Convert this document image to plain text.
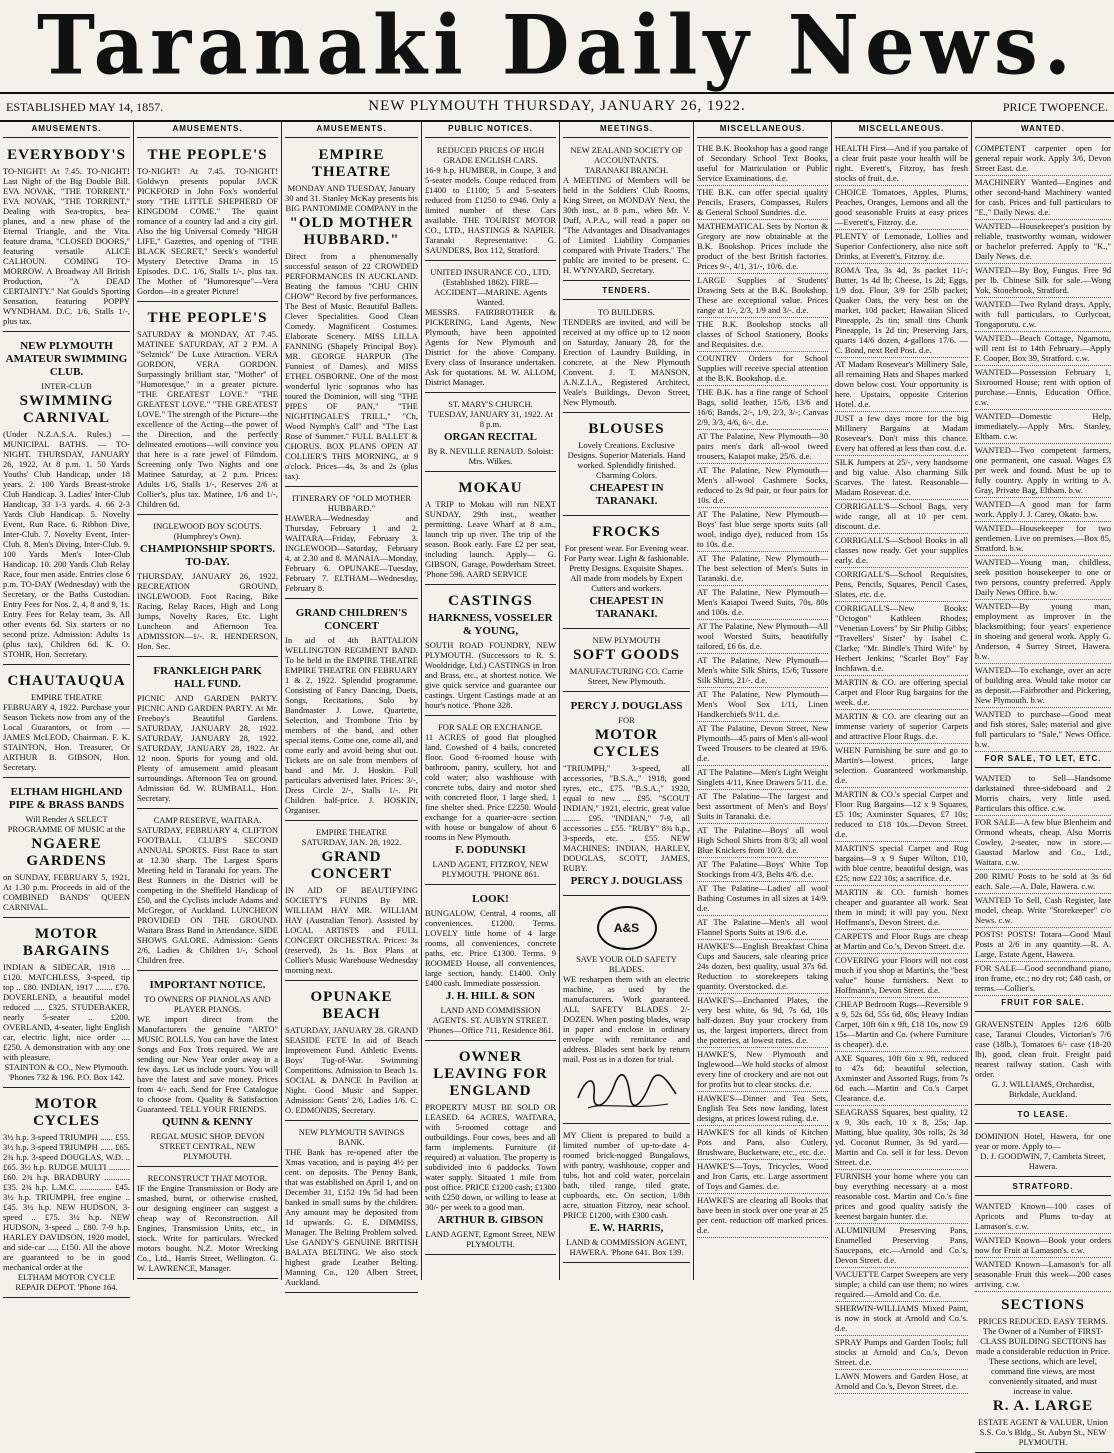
Taranaki Daily News.
ESTABLISHED MAY 14, 1857.	NEW PLYMOUTH THURSDAY, JANUARY 26, 1922.	PRICE TWOPENCE.
AMUSEMENTS.
EVERYBODY'S
TO-NIGHT! At 7.45. TO-NIGHT! Last Night of the Big Double Bill. EVA NOVAK, "THE TORRENT." EVA NOVAK, "THE TORRENT." Dealing with Sea-tropics, bea-planes, and a new phase of the Eternal Triangle, and the Vita. feature drama, "CLOSED DOORS," featuring versatile ALICE CALHOUN. COMING TO-MORROW. A Broadway All British Production, "A DEAD CERTAINTY." Nat Gould's Sporting Sensation, featuring POPPY WYNDHAM. D.C. 1/6, Stalls 1/-, plus tax.
NEW PLYMOUTH AMATEUR SWIMMING CLUB.
INTER-CLUB
SWIMMING CARNIVAL
(Under N.Z.A.S.A. Rules.) — MUNICIPAL BATHS. — TO-NIGHT. THURSDAY, JANUARY 26, 1922, At 8 p.m. 1. 50 Yards Youths' Club Handicap, under 18 years. 2. 100 Yards Breast-stroke Club Handicap. 3. Ladies' Inter-Club Handicap, 33 1-3 yards. 4. 66 2-3 Yards Club Handicap. 5. Novelty Event, Run Race. 6. Ribbon Dive, Inter-Club. 7. Novelty Event, Inter-Club. 8. Men's Diving, Inter-Club. 9. 100 Yards Men's Inter-Club Handicap. 10. 200 Yards Club Relay Race, four men aside. Entries close 6 p.m. TO-DAY (Wednesday) with the Secretary, or the Baths Custodian. Entry Fees for Nos. 2, 4, 8 and 9, 1s. Entry Fees for Relay team, 3s. All other events 6d. Six starters or no second prize. Admission: Adults 1s (plus tax), Children 6d. K. O. STOHR, Hon. Secretary.
CHAUTAUQUA
EMPIRE THEATRE
FEBRUARY 4, 1922. Purchase your Season Tickets now from any of the Local Guarantors, or from — JAMES McLEOD, Chairman. F. K. STAINTON, Hon. Treasurer, Or ARTHUR B. GIBSON, Hon. Secretary.
ELTHAM HIGHLAND PIPE & BRASS BANDS
Will Render A SELECT PROGRAMME OF MUSIC at the
NGAERE GARDENS
on SUNDAY, FEBRUARY 5, 1921, At 1.30 p.m. Proceeds in aid of the COMBINED BANDS' QUEEN CARNIVAL.
MOTOR BARGAINS
INDIAN & SIDECAR, 1918 .... £120. MATCHLESS, 3-speed, tip top .. £80. INDIAN, 1917 ........ £70. DOVERLEND, a beautiful model reduced ..... £325. STUDEBAKER, nearly 5-seater .. £200. OVERLAND, 4-seater, light English car, electric light, nice order .... £250. A demonstration with any one with pleasure.
STAINTON & CO., New Plymouth. 'Phones 732 & 196. P.O. Box 142.
MOTOR CYCLES
3½ h.p. 3-speed TRIUMPH ...... £55. 3½ h.p. 3-speed TRIUMPH ...... £65. 2¾ h.p. 3-speed DOUGLAS, W.D. .. £65. 3½ h.p. RUDGE MULTI .......... £60. 2¾ h.p. BRADBURY ............ £35. 2¾ h.p. L.M.C. ............... £45. 3½ h.p. TRIUMPH, free engine .. £45. 3½ h.p. NEW HUDSON, 3-speed .. £75. 3½ h.p. NEW HUDSON, 3-speed .. £80. 7-9 h.p. HARLEY DAVIDSON, 1920 model, and side-car ..... £150. All the above are guaranteed to be in good mechanical order at the
ELTHAM MOTOR CYCLE REPAIR DEPOT. 'Phone 164.
AMUSEMENTS.
THE PEOPLE'S
TO-NIGHT! At 7.45. TO-NIGHT! Goldwyn presents popular JACK PICKFORD in John Fox's wonderful story "THE LITTLE SHEPHERD OF KINGDOM COME." The quaint romance of a country lad and a city girl. Also the big Universal Comedy "HIGH LIFE," Gazettes, and opening of "THE BLACK SECRET," Seeck's wonderful Mystery Detective Drama in 15 Episodes. D.C. 1/6, Stalls 1/-, plus tax. The Mother of "Humoresque"—Vera Gordon—in a greater Picture!
THE PEOPLE'S
SATURDAY & MONDAY, AT 7.45. MATINEE SATURDAY, AT 2 P.M. A "Selznick" De Luxe Attraction. VERA GORDON, VERA GORDON. Surpassingly brilliant star, "Mother" of "Humoresque," in a greater picture. "THE GREATEST LOVE." "THE GREATEST LOVE." "THE GREATEST LOVE." The strength of the Picture—the excellence of the Acting—the power of the Direction, and the perfectly delineated emotions—will convince you that here is a rare jewel of Filmdom. Screening only Two Nights and one Matinee Saturday, at 2 p.m. Prices: Adults 1/6, Stalls 1/-, Reserves 2/6 at Collier's, plus tax. Matinee, 1/6 and 1/-, Children 6d.
INGLEWOOD BOY SCOUTS. (Humphrey's Own).
CHAMPIONSHIP SPORTS. TO-DAY.
THURSDAY, JANUARY 26, 1922. RECREATION GROUND, INGLEWOOD. Foot Racing, Bike Racing, Relay Races, High and Long Jumps, Novelty Races, Etc. Light Luncheon and Afternoon Tea. ADMISSION—1/-. R. HENDERSON, Hon. Sec.
FRANKLEIGH PARK HALL FUND.
PICNIC AND GARDEN PARTY. PICNIC AND GARDEN PARTY. At Mr. Freeboy's Beautiful Gardens. SATURDAY, JANUARY 28, 1922. SATURDAY, JANUARY 28, 1922. SATURDAY, JANUARY 28, 1922. At 12 noon. Sports for young and old. Plenty of amusement amid pleasant surroundings. Afternoon Tea on ground. Admission 6d. W. RUMBALL, Hon. Secretary.
CAMP RESERVE, WAITARA.
SATURDAY, FEBRUARY 4. CLIFTON FOOTBALL CLUB'S SECOND ANNUAL SPORTS. First Race to start at 12.30 sharp. The Largest Sports Meeting held in Taranaki for years. The Best Runners in the District will be competing in the Sheffield Handicap of £50, and the Cyclists include Adams and McGregor, of Auckland. LUNCHEON PROVIDED ON THE GROUND. Waitara Brass Band in Attendance. SIDE SHOWS GALORE. Admission: Gents 2/6, Ladies & Children 1/-, School Children free.
IMPORTANT NOTICE.
TO OWNERS OF PIANOLAS AND PLAYER PIANOS.
WE import direct from the Manufacturers the genuine "ARTO" MUSIC ROLLS. You can have the latest Songs and Fox Trots required. We are sending our New Year order away in a few days. Let us include yours. You will have the latest and save money. Prices from 4/- each. Send for Free Catalogue to choose from. Quality & Satisfaction Guaranteed. TELL YOUR FRIENDS.
QUINN & KENNY
REGAL MUSIC SHOP. DEVON STREET CENTRAL, NEW PLYMOUTH.
RECONSTRUCT THAT MOTOR.
IF the Engine Transmission or Body are smashed, burnt, or otherwise crushed, our designing engineer can suggest a cheap way of Reconstruction. All Engines, Transmission Units, etc., in stock. Write for particulars. Wrecked motors bought. N.Z. Motor Wrecking Co., Ltd., Harris Street, Wellington. G. W. LAWRENCE, Manager.
AMUSEMENTS.
EMPIRE THEATRE
MONDAY AND TUESDAY, January 30 and 31. Stanley McKay presents his BIG PANTOMIME COMPANY in the
"OLD MOTHER HUBBARD."
Direct from a phenomenally successful season of 22 CROWDED PERFORMANCES IN AUCKLAND. Beating the famous "CHU CHIN CHOW" Record by five performances. The Best of Music. Beautiful Ballets. Clever Specialities. Good Clean Comedy. Magnificent Costumes. Elaborate Scenery. MISS LILLA FANNING (Shapely Principal Boy). MR. GEORGE HARPUR (The Funniest of Dames). and MISS ETHEL OSBORNE. One of the most wonderful lyric sopranos who has toured the Dominion, will sing "THE PIPES OF PAN," "THE NIGHTINGALE'S TRILL," "Ch, Wood Nymph's Call" and "The Last Rose of Summer." FULL BALLET & CHORUS. BOX PLANS OPEN AT COLLIER'S THIS MORNING, at 9 o'clock. Prices—4s, 3s and 2s (plus tax).
ITINERARY OF "OLD MOTHER HUBBARD."
HAWERA—Wednesday and Thursday, February 1 and 2. WAITARA—Friday, February 3. INGLEWOOD—Saturday, February 4, at 2.30 and 8. MANAIA—Monday, February 6. OPUNAKE—Tuesday, February 7. ELTHAM—Wednesday, February 8.
GRAND CHILDREN'S CONCERT
In aid of 4th BATTALION WELLINGTON REGIMENT BAND. To be held in the EMPIRE THEATRE EMPIRE THEATRE ON FEBRUARY 1 & 2, 1922. Splendid programme. Consisting of Fancy Dancing, Duets, Songs, Recitations, Solo by Bandmaster J. Lowe, Quartette, Selection, and Trombone Trio by members of the band, and other special items. Come one, come all, and come early and avoid being shut out. Tickets are on sale from members of band and Mr. J. Hoskin. Full particulars advertised later. Prices: 3/-, Dress Circle 2/-, Stalls 1/-. Pit Children half-price. J. HOSKIN, Organiser.
EMPIRE THEATRE
SATURDAY, JAN. 28, 1922.
GRAND CONCERT
IN AID OF BEAUTIFYING SOCIETY'S FUNDS By MR. WILLIAM HAY MR. WILLIAM HAY (Australian Tenor). Assisted by LOCAL ARTISTS and FULL CONCERT ORCHESTRA. Prices: 3s (reserved), 2s 1s. Box Plans at Collier's Music Warehouse Wednesday morning next.
OPUNAKE BEACH
SATURDAY, JANUARY 28. GRAND SEASIDE FETE In aid of Beach Improvement Fund. Athletic Events. Boys' Tug-of-War. Swimming Competitions. Admission to Beach 1s. SOCIAL & DANCE In Pavilion at Night. Good Music and Supper. Admission: Gents' 2/6, Ladies 1/6. C. O. EDMONDS, Secretary.
NEW PLYMOUTH SAVINGS BANK.
THE Bank has re-opened after the Xmas vacation, and is paying 4½ per cent. on deposits. The Penny Bank, that was established on April 1, and on December 31, £152 19s 5d had been banked in small sums by the children. Any amount may be deposited from 1d upwards. G. E. DIMMISS, Manager. The Belting Problem solved. Use GANDY'S GENUINE BRITISH BALATA BELTING. We also stock highest grade Leather Belting. Manning Co., 120 Albert Street, Auckland.
PUBLIC NOTICES.
REDUCED PRICES OF HIGH GRADE ENGLISH CARS.
16-9 h.p. HUMBER, in Coupe, 3 and 5-seater models. Coupe reduced from £1400 to £1100; 5 and 5-seaters reduced from £1250 to £946. Only a limited number of these Cars available. THE TOURIST MOTOR CO., LTD., HASTINGS & NAPIER. Taranaki Representative: G. SAUNDERS, Box 112, Stratford.
UNITED INSURANCE CO., LTD. (Established 1862). FIRE—ACCIDENT—MARINE. Agents Wanted.
MESSRS. FAIRBROTHER & PICKERING, Land Agents, New Plymouth, have been appointed Agents for New Plymouth and District for the above Company. Every class of Insurance undertaken. Ask for quotations. M. W. ALLOM, District Manager.
ST. MARY'S CHURCH.
TUESDAY, JANUARY 31, 1922. At 8 p.m.
ORGAN RECITAL
By R. NEVILLE RENAUD. Soloist: Mrs. Wilkes.
MOKAU
A TRIP to Mokau will run NEXT SUNDAY, 29th inst., weather permitting. Leave Wharf at 8 a.m., launch trip up river. The trip of the season. Book early. Fare £2 per seat, including launch. Apply— G. GIBSON, Garage, Powderham Street. 'Phone 596. AARD SERVICE
CASTINGS
HARKNESS, VOSSELER & YOUNG,
SOUTH ROAD FOUNDRY, NEW PLYMOUTH. (Successors to R. S. Wooldridge, Ltd.) CASTINGS in Iron and Brass, etc., at shortest notice. We give quick service and guarantee our castings. Urgent Castings made at an hour's notice. 'Phone 328.
FOR SALE OR EXCHANGE.
11 ACRES of good flat ploughed land. Cowshed of 4 bails, concreted floor. Good 6-roomed house with bathroom, pantry, scullery, hot and cold water; also washhouse with concrete tubs, dairy and motor shed with concreted floor, 1 large shed, 1 fine shelter shed. Price £2250. Would exchange for a quarter-acre section with house or bungalow of about 6 rooms in New Plymouth.
F. DODUNSKI
LAND AGENT, FITZROY, NEW PLYMOUTH. 'PHONE 861.
LOOK!
BUNGALOW, Central, 4 rooms, all conveniences. £1200. Terms. LOVELY little home of 4 large rooms, all conveniences, concrete paths, etc. Price £1300. Terms. 9 ROOMED House, all conveniences, large section, handy. £1400. Only £400 cash. Immediate possession.
J. H. HILL & SON
LAND AND COMMISSION AGENTS. ST. AUBYN STREET. 'Phones—Office 711, Residence 861.
OWNER LEAVING FOR ENGLAND
PROPERTY MUST BE SOLD OR LEASED. 64 ACRES, WAITARA, with 5-roomed cottage and outbuildings. Four cows, bees and all farm implements. Furniture (if required) at valuation. The property is subdivided into 6 paddocks. Town water supply. Situated 1 mile from post office. PRICE £1200 cash; £1300 with £250 down, or willing to lease at 30/- per week to a good man.
ARTHUR B. GIBSON
LAND AGENT, Egmont Street, NEW PLYMOUTH.
MEETINGS.
NEW ZEALAND SOCIETY OF ACCOUNTANTS.
TARANAKI BRANCH.
A MEETING of Members will be held in the Soldiers' Club Rooms, King Street, on MONDAY Next, the 30th inst., at 8 p.m., when Mr. V. Duff, A.P.A., will read a paper on "The Advantages and Disadvantages of Limited Liability Companies compared with Private Traders." The public are invited to be present. C. H. WYNYARD, Secretary.
TENDERS.
TO BUILDERS.
TENDERS are invited, and will be received at my office up to 12 noon on Saturday, January 28, for the Erection of Laundry Building, in concrete, at the New Plymouth Convent. J. T. MANSON, A.N.Z.I.A., Registered Architect, Veale's Buildings, Devon Street, New Plymouth.
BLOUSES
Lovely Creations. Exclusive Designs. Superior Materials. Hand worked. Splendidly finished. Charming Colors.
CHEAPEST IN TARANAKI.
FROCKS
For present wear. For Evening wear. For Party wear. Light & fashionable. Pretty Designs. Exquisite Shapes. All made from models by Expert Cutters and workers.
CHEAPEST IN TARANAKI.
NEW PLYMOUTH
SOFT GOODS
MANUFACTURING CO. Carrie Street, New Plymouth.
PERCY J. DOUGLASS
FOR
MOTOR CYCLES
"TRIUMPH," 3-speed, all accessories, "B.S.A.," 1918, good tyres, etc., £75. "B.S.A.," 1920, equal to new .... £95. "SCOUT INDIAN," 1921, electric, great value ........ £95. "INDIAN," 7-9, all accessories .. £55. "RUBY" 8¾ h.p., 3-speeds, etc. .. £55. NEW MACHINES: INDIAN, HARLEY, DOUGLAS, SCOTT, JAMES, RUBY.
PERCY J. DOUGLASS
A&S
SAVE YOUR OLD SAFETY BLADES.
WE resharpen them with an electric machine, as used by the manufacturers. Work guaranteed. ALL SAFETY BLADES 2/- DOZEN. When posting blades, wrap in paper and enclose in ordinary envelope with remittance and address. Blades sent back by return mail. Post us in a dozen for trial.
MY Client is prepared to build a limited number of up-to-date 4-roomed brick-nogged Bungalows, with pantry, washhouse, copper and tubs, hot and cold water, porcelain bath, tiled range, tiled grate, cupboards, etc. On section, 1/8th acre, situation Fitzroy, near school. PRICE £1200, with £300 cash.
E. W. HARRIS,
LAND & COMMISSION AGENT, HAWERA. 'Phone 641. Box 139.
MISCELLANEOUS.
THE B.K. Bookshop has a good range of Secondary School Text Books, useful for Matriculation or Public Service Examinations. d.e.
THE B.K. can offer special quality Pencils, Erasers, Compasses, Rulers & General School Sundries. d.e.
MATHEMATICAL Sets by Norton & Gregory are now obtainable at the B.K. Bookshop. Prices include the product of the best British factories. Prices 9/-, 4/1, 31/-, 10/6. d.e.
LARGE Supplies of Students' Drawing Sets at the B.K. Bookshop. These are exceptional value. Prices range at 1/-, 2/3, 1/9 and 3/-. d.e.
THE B.K. Bookshop stocks all classes of School Stationery, Books and Requisites. d.e.
COUNTRY Orders for School Supplies will receive special attention at the B.K. Bookshop. d.e.
THE B.K. has a fine range of School Bags, solid leather, 15/6, 13/6 and 16/6; Bands, 2/-, 1/9, 2/3, 3/-; Canvas 2/9, 3/3, 4/6, 6/-. d.e.
AT The Palatine, New Plymouth—30 pairs men's dark all-wool tweed trousers, Kaiapoi make, 25/6. d.e.
AT The Palatine, New Plymouth—Men's all-wool Cashmere Socks, reduced to 2s 9d pair, or four pairs for 10s. d.e.
AT The Palatine, New Plymouth—Boys' fast blue serge sports suits (all wool, indigo dye), reduced from 15s to 10s. d.e.
AT The Palatine, New Plymouth—The best selection of Men's Suits in Taranaki. d.e.
AT The Palatine, New Plymouth—Men's Kaiapoi Tweed Suits, 70s, 80s and 100s. d.e.
AT The Palatine, New Plymouth—All wool Worsted Suits, beautifully tailored, £6 6s. d.e.
AT The Palatine, New Plymouth—Men's white Silk Shirts, 15/6; Tussore Silk Shirts, 21/-. d.e.
AT The Palatine, New Plymouth—Men's Wool Sox 1/11, Linen Handkerchiefs 9/11. d.e.
AT The Palatine, Devon Street, New Plymouth—45 pairs of Men's all-wool Tweed Trousers to be cleared at 19/6. d.e.
AT The Palatine—Men's Light Weight Singlets 4/11, Knee Drawers 5/11. d.e.
AT The Palatine—The largest and best assortment of Men's and Boys' Suits in Taranaki. d.e.
AT The Palatine—Boys' all wool High School Shirts from 8/3; all wool Blue Knickers from 10/3. d.e.
AT The Palatine—Boys' White Top Stockings from 4/3, Belts 4/6. d.e.
AT The Palatine—Ladies' all wool Bathing Costumes in all sizes at 14/9. d.e.
AT The Palatine—Men's all wool Flannel Sports Suits at 19/6. d.e.
HAWKE'S—English Breakfast China Cups and Saucers, sale clearing price 24s dozen, best quality, usual 37s 6d. Reduction to storekeepers taking quantity. Overstocked. d.e.
HAWKE'S—Enchanted Plates, the very best white, 6s 9d, 7s 6d, 10s half-dozen. Buy your crockery from us, the largest importers, direct from the potteries, at lowest rates. d.e.
HAWKE'S, New Plymouth and Inglewood—We hold stocks of almost every line of crockery and are not out for profits but to clear stocks. d.e.
HAWKE'S—Dinner and Tea Sets, English Tea Sets now landing, latest designs, at prices lowest ruling. d.e.
HAWKE'S for all kinds of Kitchen Pots and Pans, also Cutlery, Brushware, Bucketware, etc., etc. d.e.
HAWKE'S—Toys, Tricycles, Wood and Iron Carts, etc. Large assortment of Toys and Games. d.e.
HAWKE'S are clearing all Books that have been in stock over one year at 25 per cent. reduction off marked prices. d.e.
MISCELLANEOUS.
HEALTH First—And if you partake of a clear fruit paste your health will be right. Everett's, Fitzroy, has fresh stocks of fruit. d.e.
CHOICE Tomatoes, Apples, Plums, Peaches, Oranges, Lemons and all the good seasonable Fruits at easy prices—Everett's, Fitzroy. d.e.
PLENTY of Lemonade, Lollies and Superior Confectionery, also nice soft Drinks, at Everett's, Fitzroy. d.e.
ROMA Tea, 3s 4d, 3s packet 11/-; Butter, 1s 4d lb; Cheese, 1s 2d; Eggs, 1/9 doz. Flour, 3/9 for 25lb packet; Quaker Oats, the very best on the market, 10d packet; Hawaiian Sliced Pineapple, 2s tin; small tins Chunk Pineapple, 1s 2d tin; Preserving Jars, quarts 14/6 dozen, 4-gallons 17/6. —C. Bond, next Red Post. d.e.
AT Madam Rosevear's Millinery Sale, all remaining Hats and Shapes marked down below cost. Your opportunity is here. Upstairs, opposite Criterion Hotel. d.e.
JUST a few days more for the big Millinery Bargains at Madam Rosevear's. Don't miss this chance. Every hat offered at less than cost. d.e.
SILK Jumpers at 25/-, very handsome and big value. Also charming Silk Scarves. The latest. Reasonable—Madam Rosevear. d.e.
CORRIGALL'S—School Bags, very wide range, all at 10 per cent. discount. d.e.
CORRIGALL'S—School Books in all classes now ready. Get your supplies early. d.e.
CORRIGALL'S—School Requisites, Pens, Pencils, Squares, Pencil Cases, Slates, etc. d.e.
CORRIGALL'S—New Books: "Octogon" Kathleen Rhodes; "Venetian Lovers" by Sir Philip Gibbs; "Travellers' Sister" by Isabel C. Clarke; "Mr. Bindle's Third Wife" by Herbert Jenkins; "Scarlet Boy" Fay Inchfawn. d.e.
MARTIN & CO. are offering special Carpet and Floor Rug bargains for the week. d.e.
MARTIN & CO. are clearing out an immense variety of superior Carpets and attractive Floor Rugs. d.e.
WHEN Furnishing be sure and go to Martin's—lowest prices, large selection. Guaranteed workmanship. d.e.
MARTIN & CO.'s special Carpet and Floor Rug Bargains—12 x 9 Squares, £5 10s; Axminster Squares, £7 10s; reduced to £18 10s.—Devon Street. d.e.
MARTIN'S special Carpet and Rug bargains—9 x 9 Super Wilton, £10, with blue centre, beautiful design, was £25; now £22 10s; a sacrifice. d.e.
MARTIN & CO. furnish homes cheaper and guarantee all work. Seat them in mind; it will pay you. Next Hoffmann's, Devon Street. d.e.
CARPETS and Floor Rugs are cheap at Martin and Co.'s, Devon Street. d.e.
COVERING your Floors will not cost much if you shop at Martin's, the "best value" house furnishers. Next to Hoffmann's, Devon Street. d.e.
CHEAP Bedroom Rugs—Reversible 9 x 9, 52s 6d, 55s 6d, 60s; Heavy Indian Carpet, 10ft 6in x 9ft, £18 10s, now £9 15s—Martin and Co. (where Furniture is cheaper). d.e.
AXE Squares, 10ft 6in x 9ft, reduced to 47s 6d; beautiful selection, Axminster and Assorted Rugs, from 7s 6d each.—Martin and Co.'s Carpet Clearance. d.e.
SEAGRASS Squares, best quality, 12 x 9, 30s each, 10 x 8, 25s; Jap. Matting, blue quality, 30s rolls, 2s 3d yd. Coconut Runner, 3s 9d yard.—Martin and Co. sell it for less. Devon Street. d.e.
FURNISH your home where you can buy everything necessary at a most reasonable cost. Martin and Co.'s fine prices and good quality satisfy the keenest bargain hunter. d.e.
ALUMINIUM Preserving Pans, Enamelled Preserving Pans, Saucepans, etc.—Arnold and Co.'s, Devon Street. d.e.
VACUETTE Carpet Sweepers are very simple; a child can use them; no wires required.—Arnold and Co. d.e.
SHERWIN-WILLIAMS Mixed Paint, is now in stock at Arnold and Co.'s. d.e.
SPRAY Pumps and Garden Tools; full stocks at Arnold and Co.'s, Devon Street. d.e.
LAWN Mowers and Garden Hose, at Arnold and Co.'s, Devon Street. d.e.
WANTED.
COMPETENT carpenter open for general repair work. Apply 3/6, Devon Street East. d.e.
MACHINERY Wanted—Engines and other second-hand Machinery wanted for cash. Prices and full particulars to "E.," Daily News. d.e.
WANTED—Housekeeper's position by reliable, trustworthy woman, widower or bachelor preferred. Apply to "K.," Daily News. d.e.
WANTED—By Boy, Fungus. Free 9d per lb. Chinese Silk for sale.—Wong Yok, Stonebrook, Stratford.
WANTED—Two Ryland drays. Apply, with full particulars, to Curlycoat, Tongaporutu. c.w.
WANTED—Beach Cottage, Ngamotu, will rent Ist to 14th February.—Apply F. Cooper, Box 39, Stratford. c.w.
WANTED—Possession February 1, Sixroomed House; rent with option of purchase.—Ennis, Education Office. c.w.
WANTED—Domestic Help, immediately.—Apply Mrs. Stanley, Eltham. c.w.
WANTED—Two competent farmers, one permanent, one casual. Wages £3 per week and found. Must be up to fully country. Apply in writing to A. Gray, Private Bag, Eltham. b.w.
WANTED—A good man for farm work. Apply J. J. Carey, Okato. b.w.
WANTED—Housekeeper for two gentlemen. Live on premises.—Box 85, Stratford. b.w.
WANTED—Young man, childless, seek position housekeeper to one or two persons, country preferred. Apply Daily News Office. b.w.
WANTED—By young man, employment as improver in the blacksmithing; four years' experience in shoeing and general work. Apply G. Anderson, 4 Surrey Street, Hawera. b.w.
WANTED—To exchange, over an acre of building area. Would take motor car as deposit.—Fairbrother and Pickering, New Plymouth. b.w.
WANTED to purchase—Good meat and fish stores, Sale; material and give full particulars to "Sale," News Office. b.w.
FOR SALE, TO LET, ETC.
WANTED to Sell—Handsome darkstained three-sideboard and 2 Morris chairs, very little used. Particulars this office. c.w.
FOR SALE—A few blue Blenheim and Ormond wheats, cheap. Also Morris Cowley, 2-seater, now in store.—Gaustad Marlow and Co., Ltd., Waitara. c.w.
200 RIMU Posts to be sold at 3s 6d each. Sale.—A. Dale, Hawera. c.w.
WANTED To Sell, Cash Register, late model, cheap. Write "Storekeeper" c/o News. c.w.
POSTS! POSTS! Totara—Good Maul Posts at 2/6 in any quantity.—R. A. Large, Estate Agent, Hawera.
FOR SALE—Good secondhand piano, iron frame, etc.; no dry rot; £48 cash, or terms.—Collier's.
FRUIT FOR SALE.
GRAVENSTEIN Apples 12/6 60lb case, Taranui Cloudes, Victorian's 7/6 case (18lb.), Tomatoes 6/- case (18-20 lb), good, clean fruit. Freight paid nearest railway station. Cash with order.
G. J. WILLIAMS, Orchardist, Birkdale, Auckland.
TO LEASE.
DOMINION Hotel, Hawera, for one year or more. Apply to—
D. J. GOODWIN, 7, Cambria Street, Hawera.
STRATFORD.
WANTED Known—100 cases of Apricots and Plums to-day at Lamason's. c.w.
WANTED Known—Book your orders now for Fruit at Lamason's. c.w.
WANTED Known—Lamason's for all seasonable Fruit this week—200 cases arriving. c.w.
SECTIONS
PRICES REDUCED. EASY TERMS. The Owner of a Number of FIRST-CLASS BUILDING SECTIONS has made a considerable reduction in Price. These sections, which are level, command fine views, are most conveniently situated, and must increase in value.
R. A. LARGE
ESTATE AGENT & VALUER, Union S.S. Co.'s Bldg., St. Aubyn St., NEW PLYMOUTH.
